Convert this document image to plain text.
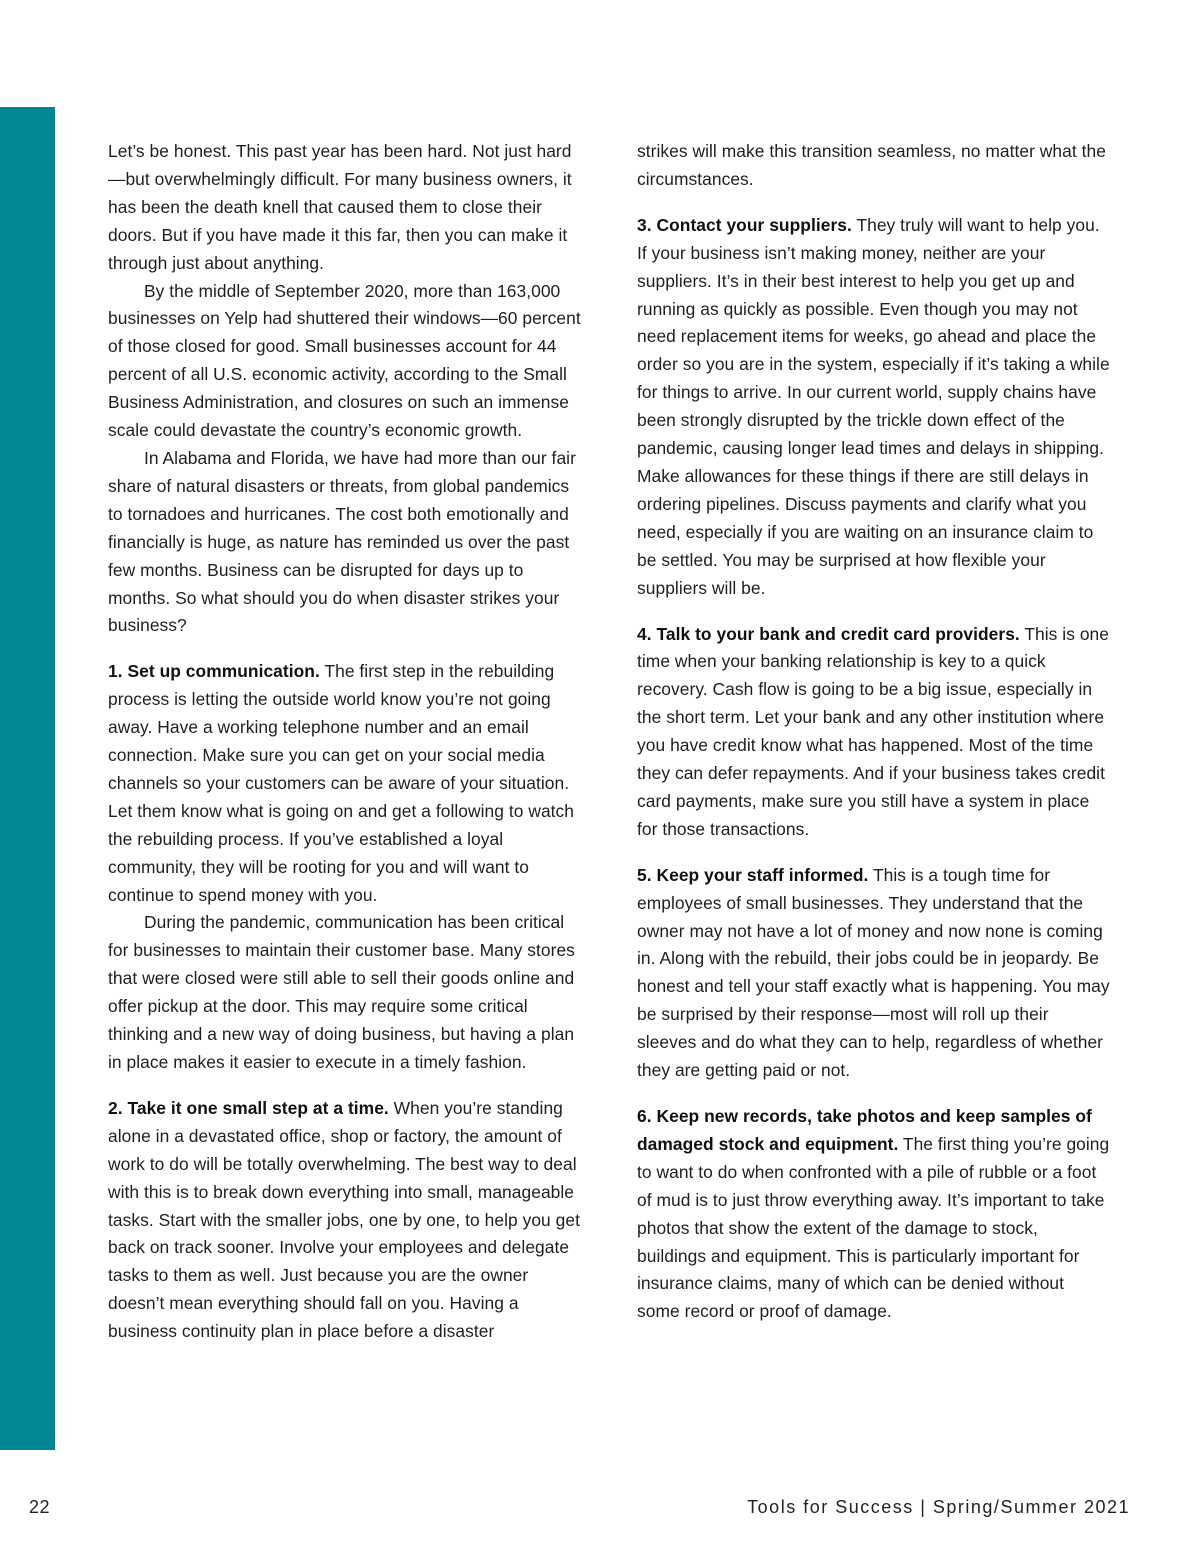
Let’s be honest. This past year has been hard. Not just hard—but overwhelmingly difficult. For many business owners, it has been the death knell that caused them to close their doors. But if you have made it this far, then you can make it through just about anything.

By the middle of September 2020, more than 163,000 businesses on Yelp had shuttered their windows—60 percent of those closed for good. Small businesses account for 44 percent of all U.S. economic activity, according to the Small Business Administration, and closures on such an immense scale could devastate the country’s economic growth.

In Alabama and Florida, we have had more than our fair share of natural disasters or threats, from global pandemics to tornadoes and hurricanes. The cost both emotionally and financially is huge, as nature has reminded us over the past few months. Business can be disrupted for days up to months. So what should you do when disaster strikes your business?

1. Set up communication. The first step in the rebuilding process is letting the outside world know you’re not going away. Have a working telephone number and an email connection. Make sure you can get on your social media channels so your customers can be aware of your situation. Let them know what is going on and get a following to watch the rebuilding process. If you’ve established a loyal community, they will be rooting for you and will want to continue to spend money with you.

During the pandemic, communication has been critical for businesses to maintain their customer base. Many stores that were closed were still able to sell their goods online and offer pickup at the door. This may require some critical thinking and a new way of doing business, but having a plan in place makes it easier to execute in a timely fashion.

2. Take it one small step at a time. When you’re standing alone in a devastated office, shop or factory, the amount of work to do will be totally overwhelming. The best way to deal with this is to break down everything into small, manageable tasks. Start with the smaller jobs, one by one, to help you get back on track sooner. Involve your employees and delegate tasks to them as well. Just because you are the owner doesn’t mean everything should fall on you. Having a business continuity plan in place before a disaster

strikes will make this transition seamless, no matter what the circumstances.

3. Contact your suppliers. They truly will want to help you. If your business isn’t making money, neither are your suppliers. It’s in their best interest to help you get up and running as quickly as possible. Even though you may not need replacement items for weeks, go ahead and place the order so you are in the system, especially if it’s taking a while for things to arrive. In our current world, supply chains have been strongly disrupted by the trickle down effect of the pandemic, causing longer lead times and delays in shipping. Make allowances for these things if there are still delays in ordering pipelines. Discuss payments and clarify what you need, especially if you are waiting on an insurance claim to be settled. You may be surprised at how flexible your suppliers will be.

4. Talk to your bank and credit card providers. This is one time when your banking relationship is key to a quick recovery. Cash flow is going to be a big issue, especially in the short term. Let your bank and any other institution where you have credit know what has happened. Most of the time they can defer repayments. And if your business takes credit card payments, make sure you still have a system in place for those transactions.

5. Keep your staff informed. This is a tough time for employees of small businesses. They understand that the owner may not have a lot of money and now none is coming in. Along with the rebuild, their jobs could be in jeopardy. Be honest and tell your staff exactly what is happening. You may be surprised by their response—most will roll up their sleeves and do what they can to help, regardless of whether they are getting paid or not.

6. Keep new records, take photos and keep samples of damaged stock and equipment. The first thing you’re going to want to do when confronted with a pile of rubble or a foot of mud is to just throw everything away. It’s important to take photos that show the extent of the damage to stock, buildings and equipment. This is particularly important for insurance claims, many of which can be denied without some record or proof of damage.

22	Tools for Success | Spring/Summer 2021
